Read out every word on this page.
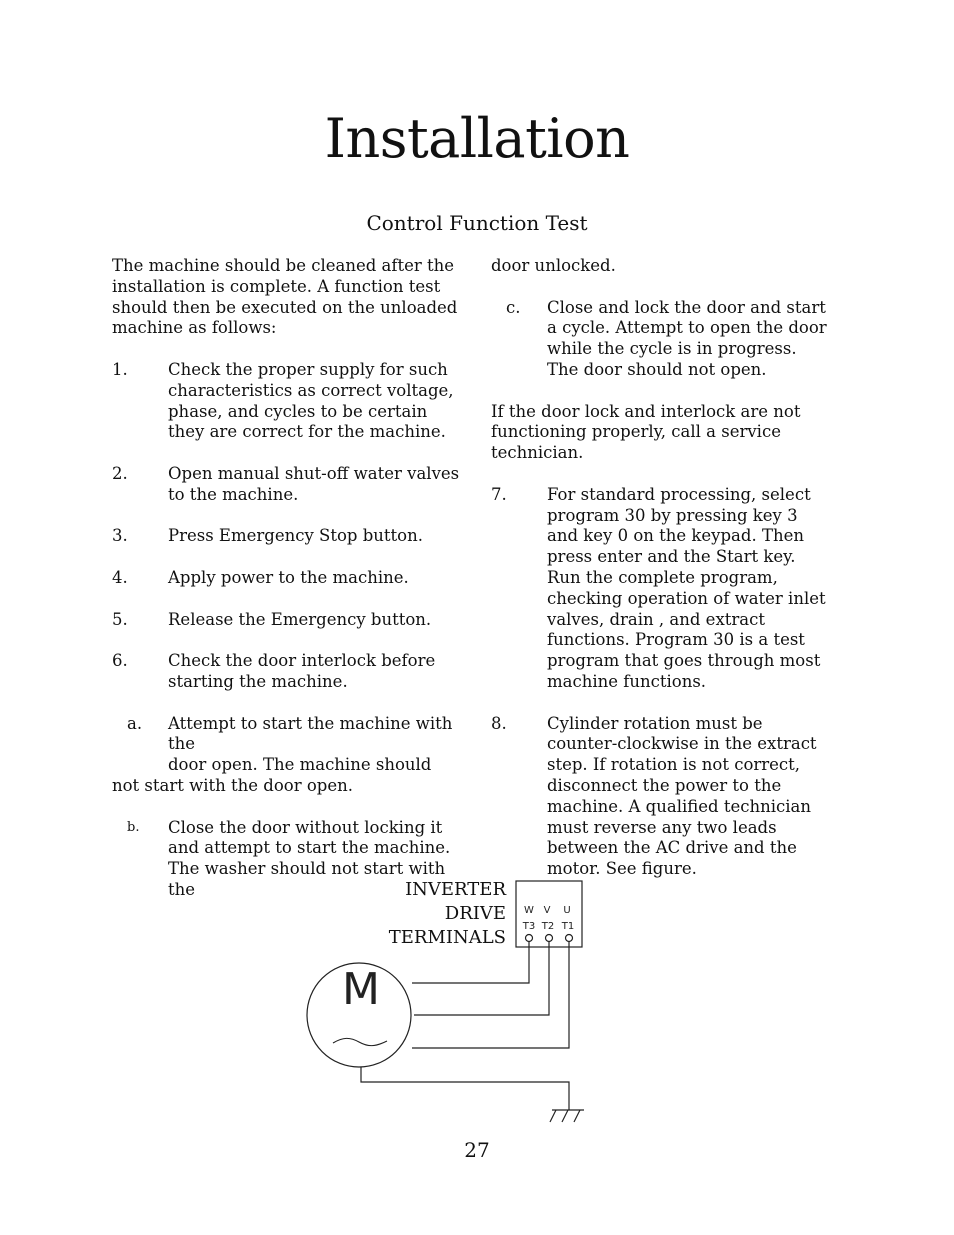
Installation
Control Function Test

The machine should be cleaned after the installation is complete. A function test should then be executed on the unloaded machine as follows:

1.	Check the proper supply for such characteristics as correct voltage, phase, and cycles to be certain they are correct for the machine.
2.	Open manual shut-off water valves to the machine.
3.	Press Emergency Stop button.
4.	Apply power to the machine.
5.	Release the Emergency button.
6.	Check the door interlock before starting the machine.
a.	Attempt to start the machine with the
door open. The machine should
not start with the door open.
b.	Close the door without locking it and attempt to start the machine. The washer should not start with the

door unlocked.

c.	Close and lock the door and start a cycle. Attempt to open the door while the cycle is in progress. The door should not open.

If the door lock and interlock are not functioning properly, call a service technician.

7.	For standard processing, select program 30 by pressing key 3 and key 0 on the keypad. Then press enter and the Start key. Run the complete program, checking operation of water inlet valves, drain , and extract functions. Program 30 is a test program that goes through most machine functions.
8.	Cylinder rotation must be counter-clockwise in the extract step. If rotation is not correct, disconnect the power to the machine. A qualified technician must reverse any two leads between the AC drive and the motor. See figure.
INVERTER
DRIVE
TERMINALS
W V U
T3 T2 T1
M
27
